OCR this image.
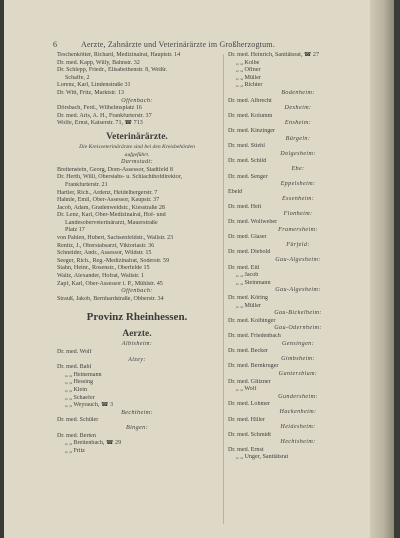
6	Aerzte, Zahnärzte und Veterinärärzte im Großherzogtum.
Teschenkötter, Richard, Medizinalrat, Hauptstr. 14
Dr. med. Kapp, Willy, Bahnstr. 32
Dr. Schlepp, Friedr., Elisabethenstr. 8, Weißr.
Schaffe, 2
Lorenz, Karl, Lindenstraße 31
Dr. Witt, Fritz, Marktstr. 13
Offenbach:
Dörsbach, Ferd., Wilhelmsplatz 16
Dr. med. Aris, A. H., Frankfurterstr. 37
Wolfe, Ernst, Kaiserstr. 71, ☎ 713
Veterinärärzte.
Die Kreisveterinärärzte sind bei den Kreisbehörden
aufgeführt.
Darmstadt:
Breitenstein, Georg, Dom-Assessor, Stadtfeld 8
Dr. Herth, Willi, Oberstabs- u. Schlachthofdirektor,
Frankfurterstr. 21
Hartler, Rich., Ardenz, Heidelbergerstr. 7
Hahnle, Emil, Ober-Assessor, Kaupstr. 37
Jacob, Adam, Gradenweidstr., Kiesstraße 28
Dr. Lenz, Karl, Ober-Medizinalrat, Hof- und
Landesoberveterinärarzt, Mauerstraße
Platz 17
von Pahlen, Hubert, Sachsenfeldstr., Wallstr. 23
Renitz, J., Oberstabsarzt, Viktoriastr. 36
Schneider, Andr., Assessor, Wildstr. 15
Seeger, Rich., Reg.-Medizinalrat, Soderstr. 59
Stahn, Heinr., Rosenstr., Oberfelde 15
Waltz, Alexander, Hofrat, Waltstr. 1
Zapf, Karl, Ober-Assessor i. P., Mühlstr. 45
Offenbach:
Strauß, Jakob, Bernhardstraße, Obberstr. 34
Provinz Rheinhessen.
Aerzte.
Albisheim:
Dr. med. Wolf
Alzey:
Dr. med. Babl
„ „ Heinemann
„ „ Hessing
„ „ Klein
„ „ Schaefer
„ „ Weyrauch, ☎ 3
Bechtheim:
Dr. med. Schüler
Bingen:
Dr. med. Berten
„ „ Breitenbach, ☎ 29
„ „ Fritz
Dr. med. Heinrich, Sanitätsrat, ☎ 27
„ „ Kolbe
„ „ Offner
„ „ Müller
„ „ Richter
Bodenheim:
Dr. med. Albrecht
Dexheim:
Dr. med. Kolumm
Ensheim:
Dr. med. Kinzinger
Bürgeln:
Dr. med. Stiehl
Dolgesheim:
Dr. med. Schild
Ebe:
Dr. med. Senger
Eppelsheim:
Ebeld
Essenheim:
Dr. med. Heit
Flonheim:
Dr. med. Wollweber
Framersheim:
Dr. med. Glaser
Fürfeld:
Dr. med. Diebold
Gau-Algesheim:
Dr. med. Eitl
„ „ Jacob
„ „ Steinmann
Gau-Algesheim:
Dr. med. Köring
„ „ Müller
Gau-Bickelheim:
Dr. med. Kolbinger
Gau-Odernheim:
Dr. med. Friedenbach
Gensingen:
Dr. med. Becker
Gimbsheim:
Dr. med. Bernkruger
Guntersblum:
Dr. med. Glitzner
„ „ Wolf
Gundersheim:
Dr. med. Lohmer
Hackenheim:
Dr. med. Hiller
Heidesheim:
Dr. med. Schmidt
Hechtsheim:
Dr. med. Ernst
„ „ Unger, Sanitätsrat
